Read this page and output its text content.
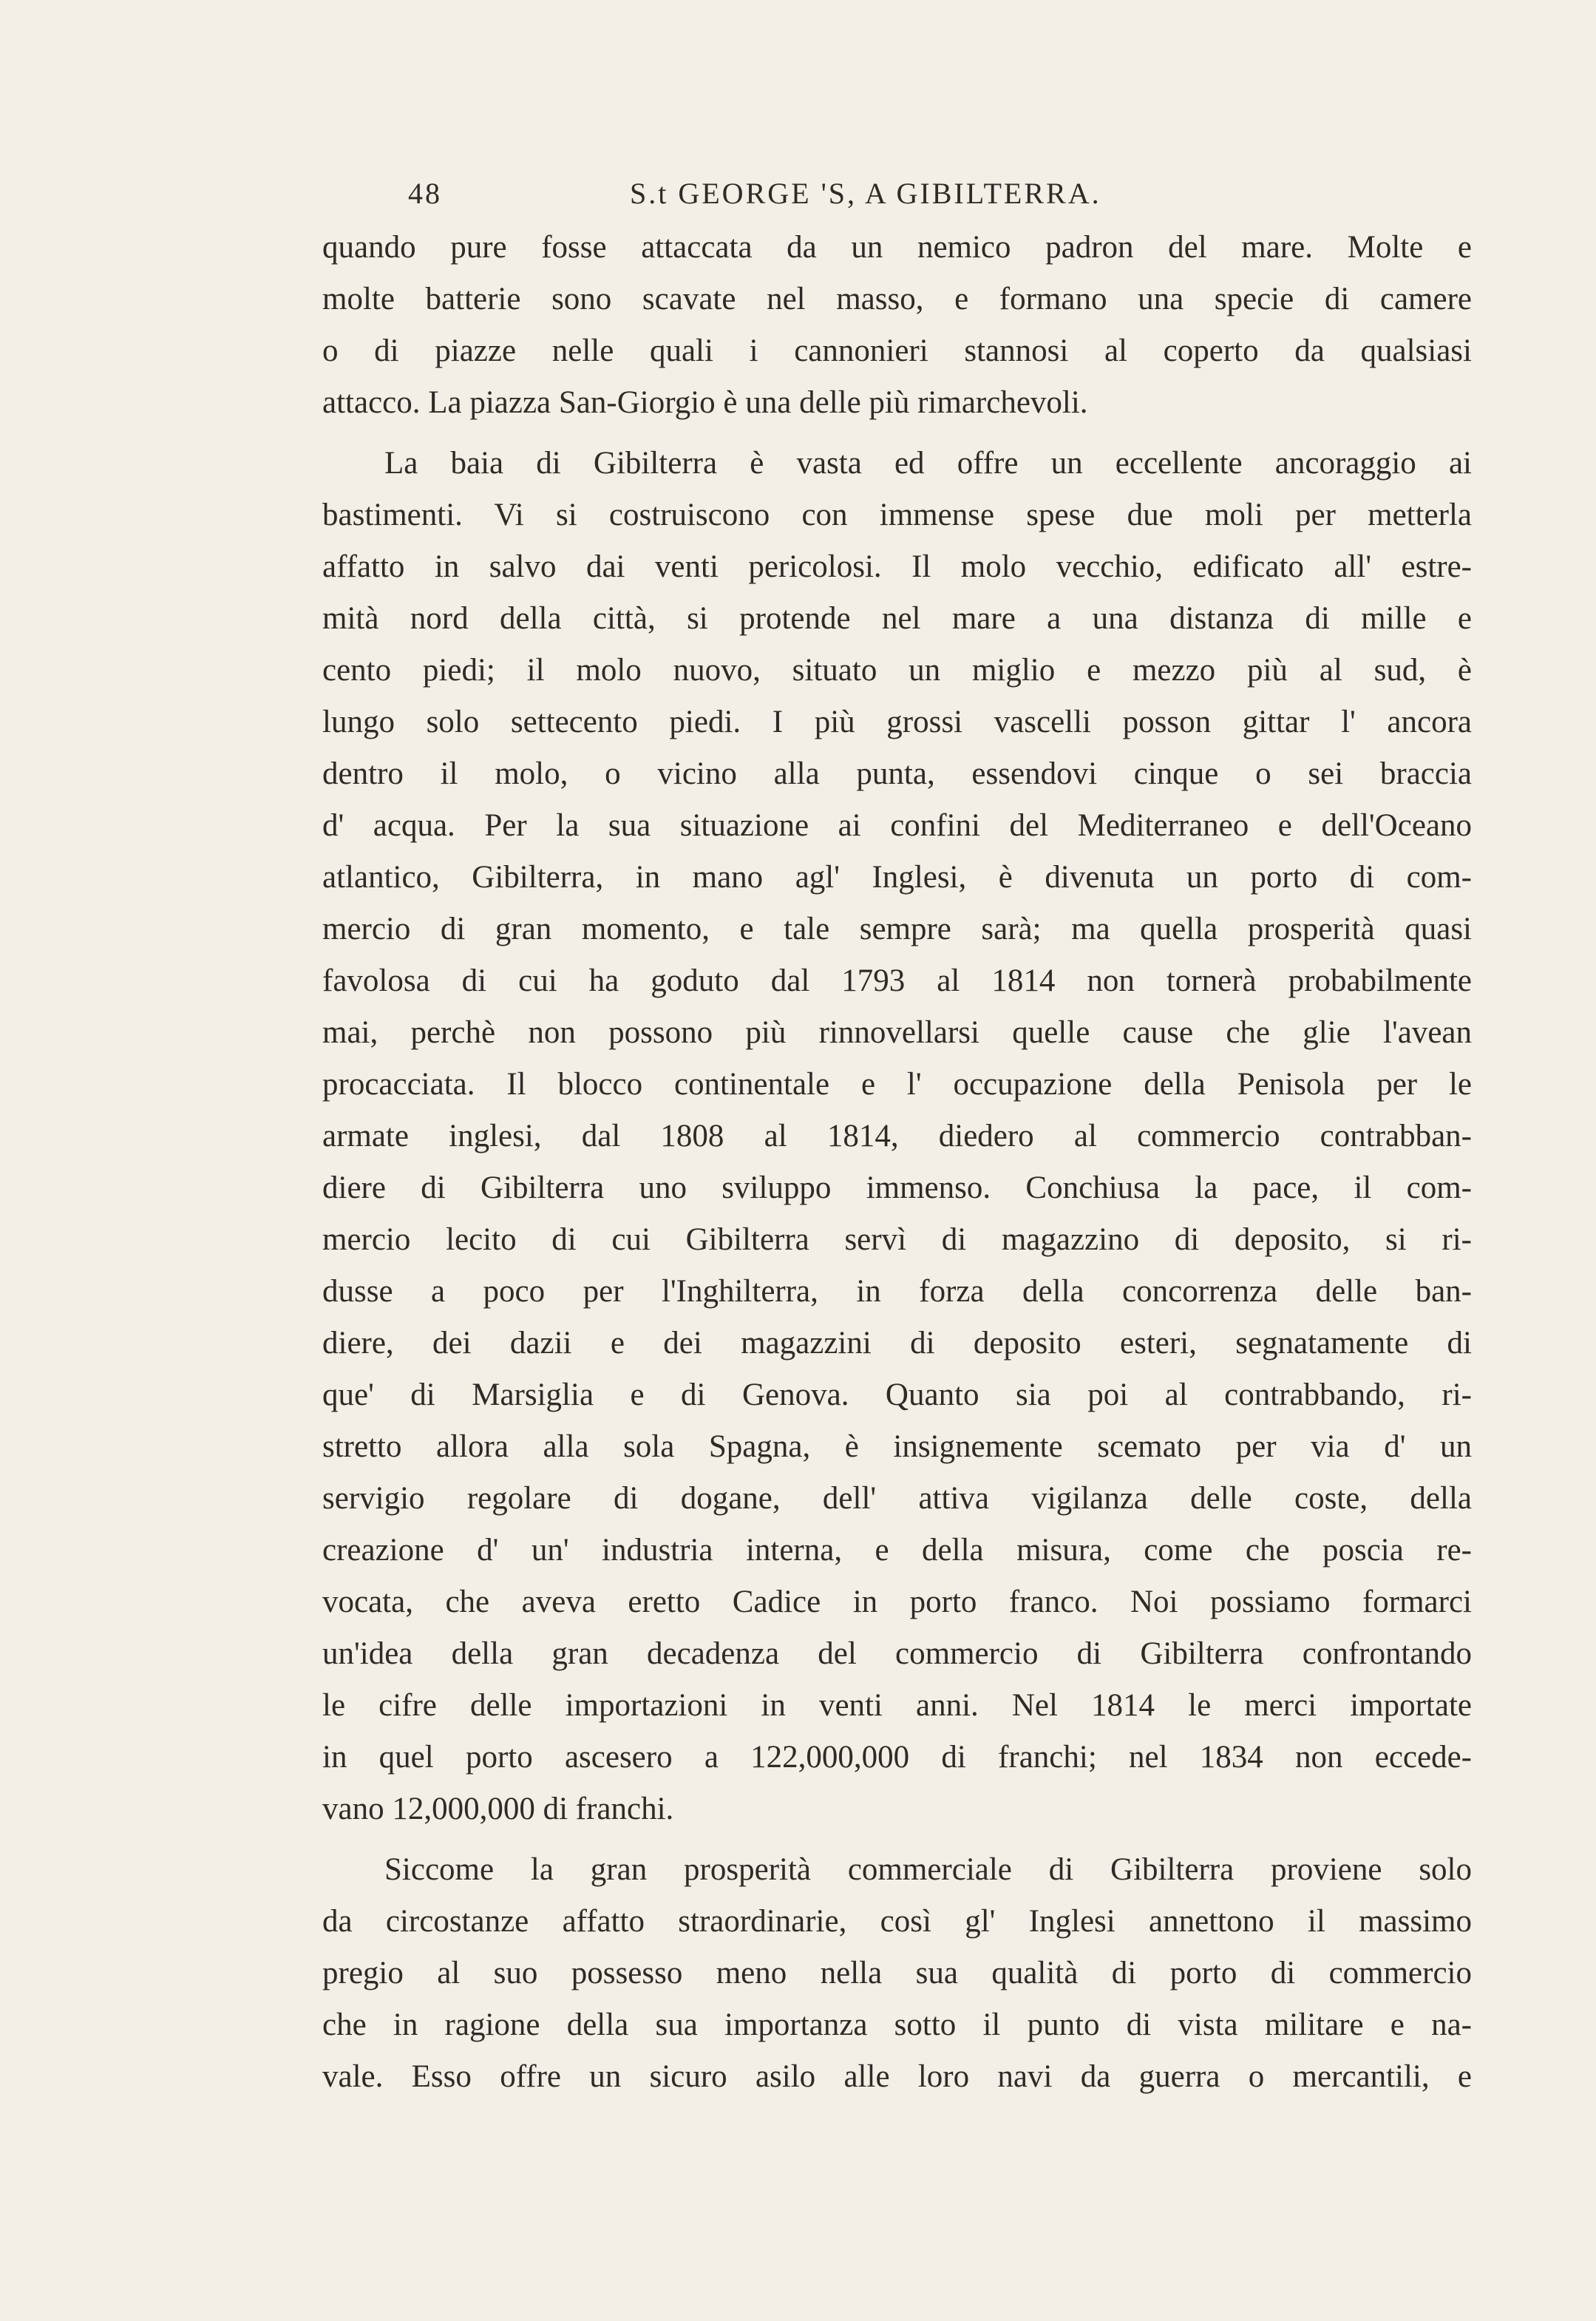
48	S.t GEORGE 'S, A GIBILTERRA.
quando pure fosse attaccata da un nemico padron del mare. Molte e
molte batterie sono scavate nel masso, e formano una specie di camere
o di piazze nelle quali i cannonieri stannosi al coperto da qualsiasi
attacco. La piazza San-Giorgio è una delle più rimarchevoli.
La baia di Gibilterra è vasta ed offre un eccellente ancoraggio ai
bastimenti. Vi si costruiscono con immense spese due moli per metterla
affatto in salvo dai venti pericolosi. Il molo vecchio, edificato all' estre-
mità nord della città, si protende nel mare a una distanza di mille e
cento piedi; il molo nuovo, situato un miglio e mezzo più al sud, è
lungo solo settecento piedi. I più grossi vascelli posson gittar l' ancora
dentro il molo, o vicino alla punta, essendovi cinque o sei braccia
d' acqua. Per la sua situazione ai confini del Mediterraneo e dell'Oceano
atlantico, Gibilterra, in mano agl' Inglesi, è divenuta un porto di com-
mercio di gran momento, e tale sempre sarà; ma quella prosperità quasi
favolosa di cui ha goduto dal 1793 al 1814 non tornerà probabilmente
mai, perchè non possono più rinnovellarsi quelle cause che glie l'avean
procacciata. Il blocco continentale e l' occupazione della Penisola per le
armate inglesi, dal 1808 al 1814, diedero al commercio contrabban-
diere di Gibilterra uno sviluppo immenso. Conchiusa la pace, il com-
mercio lecito di cui Gibilterra servì di magazzino di deposito, si ri-
dusse a poco per l'Inghilterra, in forza della concorrenza delle ban-
diere, dei dazii e dei magazzini di deposito esteri, segnatamente di
que' di Marsiglia e di Genova. Quanto sia poi al contrabbando, ri-
stretto allora alla sola Spagna, è insignemente scemato per via d' un
servigio regolare di dogane, dell' attiva vigilanza delle coste, della
creazione d' un' industria interna, e della misura, come che poscia re-
vocata, che aveva eretto Cadice in porto franco. Noi possiamo formarci
un'idea della gran decadenza del commercio di Gibilterra confrontando
le cifre delle importazioni in venti anni. Nel 1814 le merci importate
in quel porto ascesero a 122,000,000 di franchi; nel 1834 non eccede-
vano 12,000,000 di franchi.
Siccome la gran prosperità commerciale di Gibilterra proviene solo
da circostanze affatto straordinarie, così gl' Inglesi annettono il massimo
pregio al suo possesso meno nella sua qualità di porto di commercio
che in ragione della sua importanza sotto il punto di vista militare e na-
vale. Esso offre un sicuro asilo alle loro navi da guerra o mercantili, e
